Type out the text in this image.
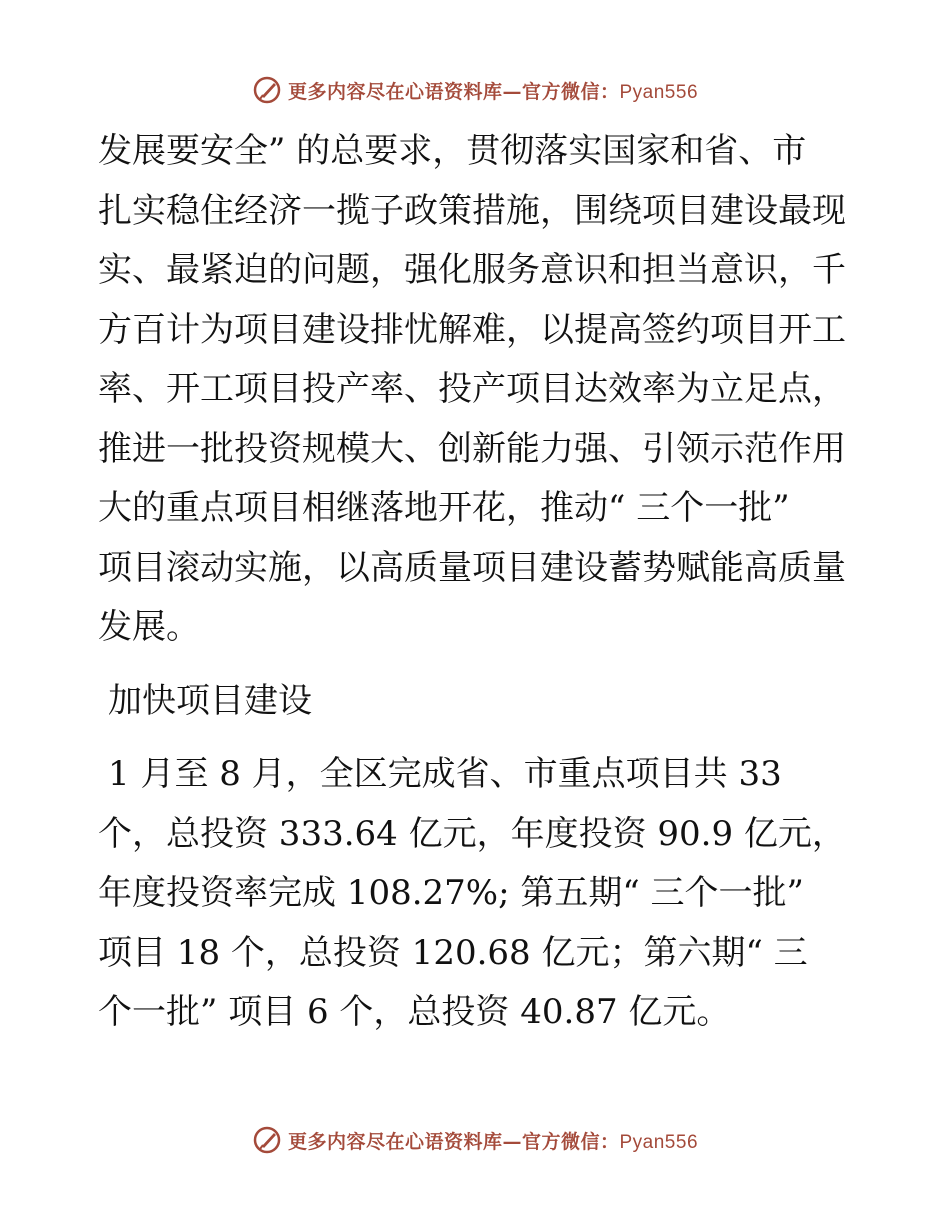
更多内容尽在心语资料库—官方微信：Pyan556

发展要安全” 的总要求，贯彻落实国家和省、市
扎实稳住经济一揽子政策措施，围绕项目建设最现
实、最紧迫的问题，强化服务意识和担当意识，千
方百计为项目建设排忧解难，以提高签约项目开工
率、开工项目投产率、投产项目达效率为立足点，
推进一批投资规模大、创新能力强、引领示范作用
大的重点项目相继落地开花，推动“ 三个一批”
项目滚动实施，以高质量项目建设蓄势赋能高质量
发展。

加快项目建设

1 月至 8 月，全区完成省、市重点项目共 33
个，总投资 333.64 亿元，年度投资 90.9 亿元，
年度投资率完成 108.27%; 第五期“ 三个一批”
项目 18 个，总投资 120.68 亿元；第六期“ 三
个一批” 项目 6 个，总投资 40.87 亿元。

更多内容尽在心语资料库—官方微信：Pyan556
